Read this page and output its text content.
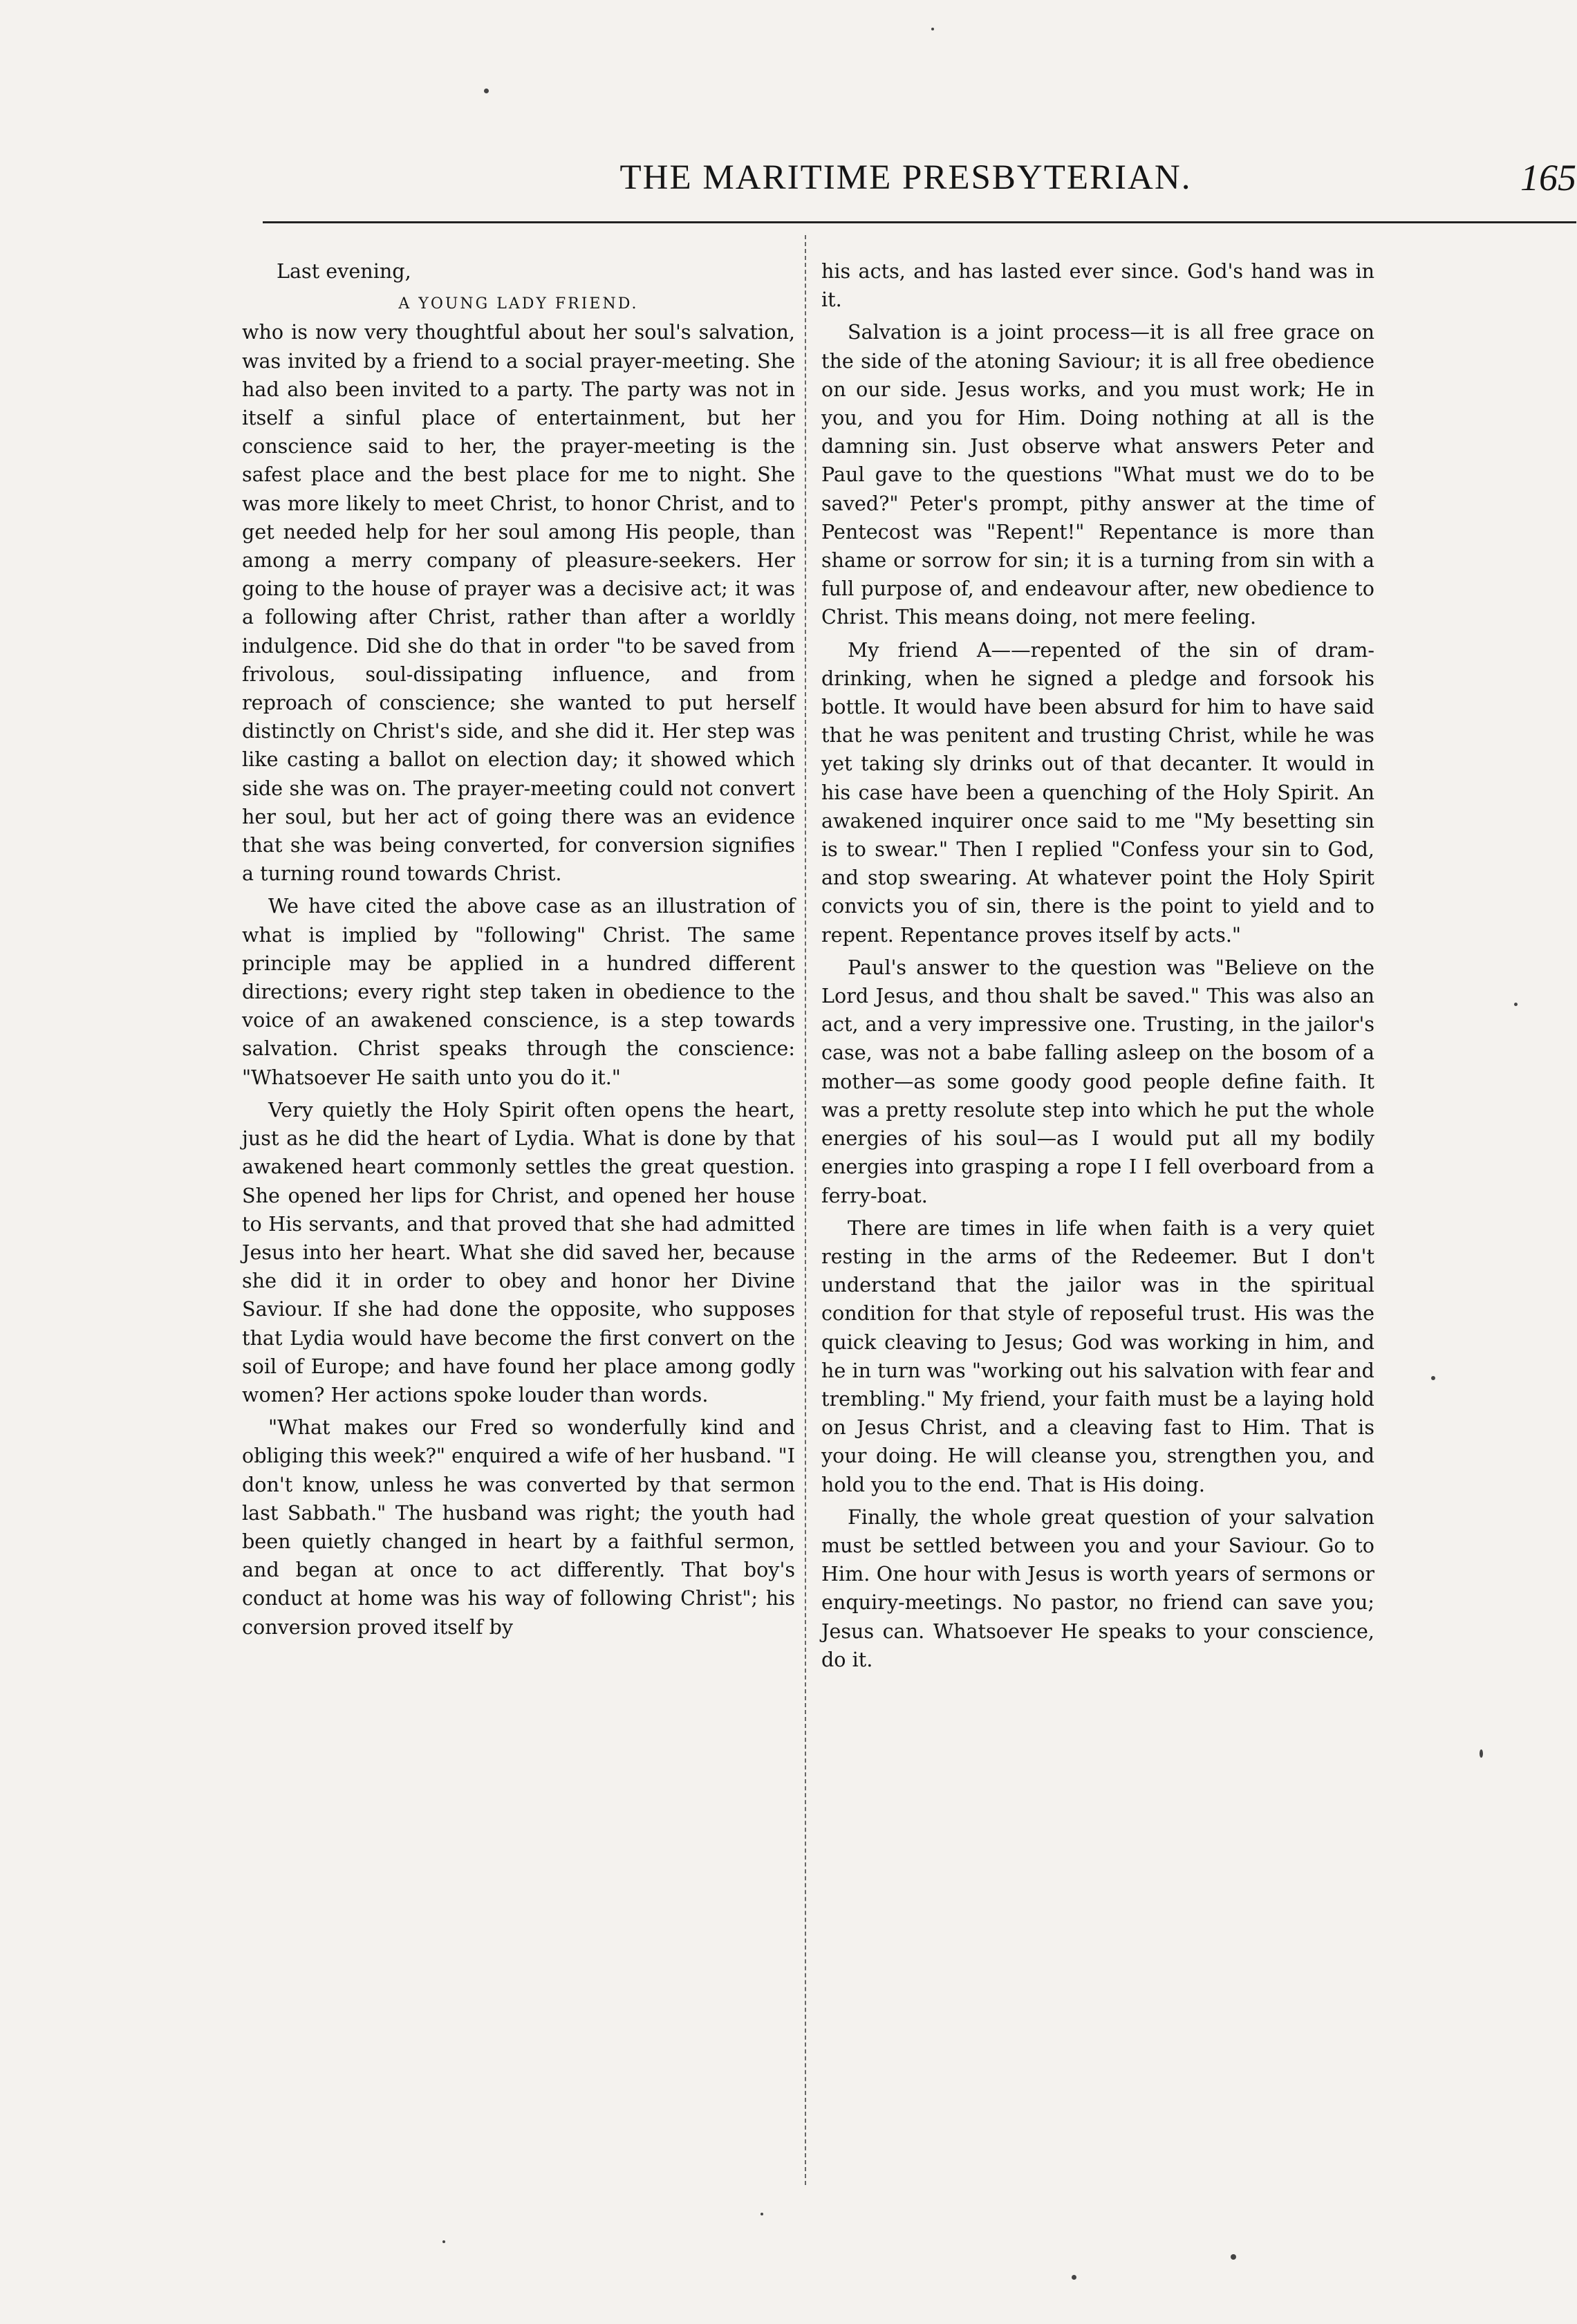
THE MARITIME PRESBYTERIAN.	165

Last evening,

A YOUNG LADY FRIEND.

who is now very thoughtful about her soul's salvation, was invited by a friend to a social prayer-meeting. She had also been invited to a party. The party was not in itself a sinful place of entertainment, but her conscience said to her, the prayer-meeting is the safest place and the best place for me to night. She was more likely to meet Christ, to honor Christ, and to get needed help for her soul among His people, than among a merry company of pleasure-seekers. Her going to the house of prayer was a decisive act; it was a following after Christ, rather than after a worldly indulgence. Did she do that in order "to be saved from frivolous, soul-dissipating influence, and from reproach of conscience; she wanted to put herself distinctly on Christ's side, and she did it. Her step was like casting a ballot on election day; it showed which side she was on. The prayer-meeting could not convert her soul, but her act of going there was an evidence that she was being converted, for conversion signifies a turning round towards Christ.

We have cited the above case as an illustration of what is implied by "following" Christ. The same principle may be applied in a hundred different directions; every right step taken in obedience to the voice of an awakened conscience, is a step towards salvation. Christ speaks through the conscience: "Whatsoever He saith unto you do it."

Very quietly the Holy Spirit often opens the heart, just as he did the heart of Lydia. What is done by that awakened heart commonly settles the great question. She opened her lips for Christ, and opened her house to His servants, and that proved that she had admitted Jesus into her heart. What she did saved her, because she did it in order to obey and honor her Divine Saviour. If she had done the opposite, who supposes that Lydia would have become the first convert on the soil of Europe; and have found her place among godly women? Her actions spoke louder than words.

"What makes our Fred so wonderfully kind and obliging this week?" enquired a wife of her husband. "I don't know, unless he was converted by that sermon last Sabbath." The husband was right; the youth had been quietly changed in heart by a faithful sermon, and began at once to act differently. That boy's conduct at home was his way of following Christ"; his conversion proved itself by

his acts, and has lasted ever since. God's hand was in it.

Salvation is a joint process—it is all free grace on the side of the atoning Saviour; it is all free obedience on our side. Jesus works, and you must work; He in you, and you for Him. Doing nothing at all is the damning sin. Just observe what answers Peter and Paul gave to the questions "What must we do to be saved?" Peter's prompt, pithy answer at the time of Pentecost was "Repent!" Repentance is more than shame or sorrow for sin; it is a turning from sin with a full purpose of, and endeavour after, new obedience to Christ. This means doing, not mere feeling.

My friend A——repented of the sin of dram-drinking, when he signed a pledge and forsook his bottle. It would have been absurd for him to have said that he was penitent and trusting Christ, while he was yet taking sly drinks out of that decanter. It would in his case have been a quenching of the Holy Spirit. An awakened inquirer once said to me "My besetting sin is to swear." Then I replied "Confess your sin to God, and stop swearing. At whatever point the Holy Spirit convicts you of sin, there is the point to yield and to repent. Repentance proves itself by acts."

Paul's answer to the question was "Believe on the Lord Jesus, and thou shalt be saved." This was also an act, and a very impressive one. Trusting, in the jailor's case, was not a babe falling asleep on the bosom of a mother—as some goody good people define faith. It was a pretty resolute step into which he put the whole energies of his soul—as I would put all my bodily energies into grasping a rope I I fell overboard from a ferry-boat.

There are times in life when faith is a very quiet resting in the arms of the Redeemer. But I don't understand that the jailor was in the spiritual condition for that style of reposeful trust. His was the quick cleaving to Jesus; God was working in him, and he in turn was "working out his salvation with fear and trembling." My friend, your faith must be a laying hold on Jesus Christ, and a cleaving fast to Him. That is your doing. He will cleanse you, strengthen you, and hold you to the end. That is His doing.

Finally, the whole great question of your salvation must be settled between you and your Saviour. Go to Him. One hour with Jesus is worth years of sermons or enquiry-meetings. No pastor, no friend can save you; Jesus can. Whatsoever He speaks to your conscience, do it.
